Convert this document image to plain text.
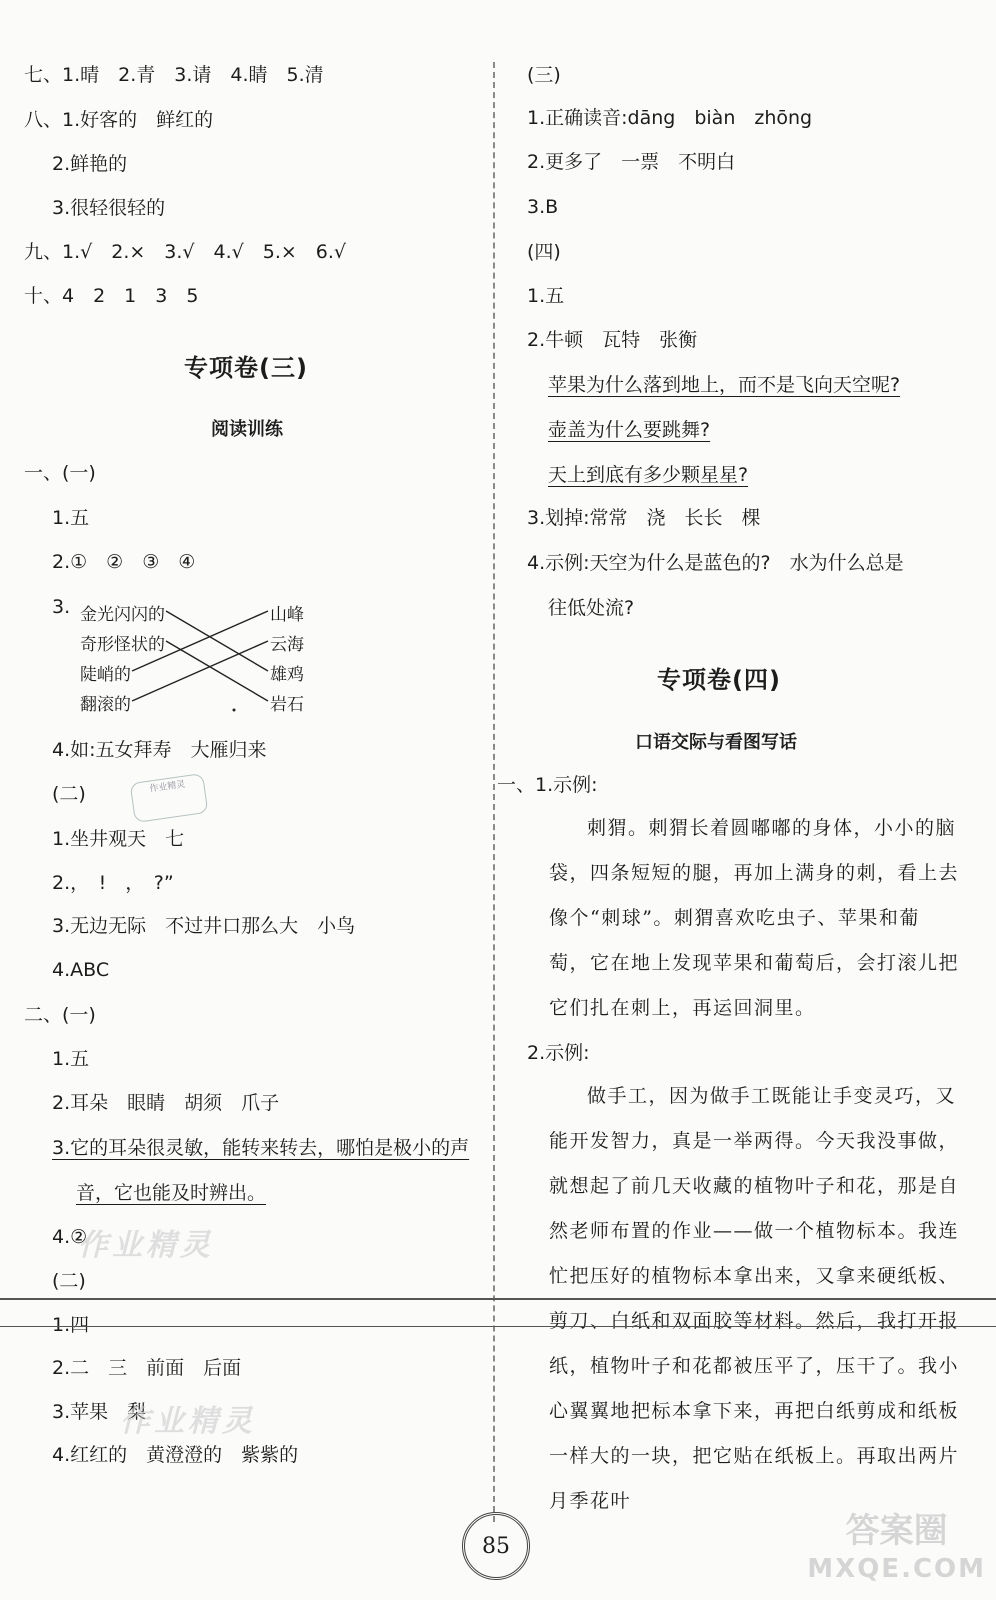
七、1.晴　2.青　3.请　4.睛　5.清
八、1.好客的　鲜红的
2.鲜艳的
3.很轻很轻的
九、1.√　2.×　3.√　4.√　5.×　6.√
十、4　2　1　3　5
专项卷(三)
阅读训练
一、(一)
1.五
2.①　②　③　④
3. 金光闪闪的
奇形怪状的
陡峭的
翻滚的
山峰
云海
雄鸡
岩石
4.如:五女拜寿　大雁归来
作业精灵
(二)
1.坐井观天　七
2.，　!　，　?”
3.无边无际　不过井口那么大　小鸟
4.ABC
二、(一)
1.五
2.耳朵　眼睛　胡须　爪子
3.它的耳朵很灵敏，能转来转去，哪怕是极小的声
音，它也能及时辨出。
4.②
作业精灵
(二)
1.四
2.二　三　前面　后面
3.苹果　梨
作业精灵
4.红红的　黄澄澄的　紫紫的
(三)
1.正确读音:dāng　biàn　zhōng
2.更多了　一票　不明白
3.B
(四)
1.五
2.牛顿　瓦特　张衡
苹果为什么落到地上，而不是飞向天空呢?
壶盖为什么要跳舞?
天上到底有多少颗星星?
3.划掉:常常　浇　长长　棵
4.示例:天空为什么是蓝色的?　水为什么总是
往低处流?
专项卷(四)
口语交际与看图写话
一、1.示例:
刺猬。刺猬长着圆嘟嘟的身体，小小的脑袋，四条短短的腿，再加上满身的刺，看上去像个“刺球”。刺猬喜欢吃虫子、苹果和葡萄，它在地上发现苹果和葡萄后，会打滚儿把它们扎在刺上，再运回洞里。
2.示例:
做手工，因为做手工既能让手变灵巧，又能开发智力，真是一举两得。今天我没事做，就想起了前几天收藏的植物叶子和花，那是自然老师布置的作业——做一个植物标本。我连忙把压好的植物标本拿出来，又拿来硬纸板、剪刀、白纸和双面胶等材料。然后，我打开报纸，植物叶子和花都被压平了，压干了。我小心翼翼地把标本拿下来，再把白纸剪成和纸板一样大的一块，把它贴在纸板上。再取出两片月季花叶
85	答案圈
MXQE.COM
